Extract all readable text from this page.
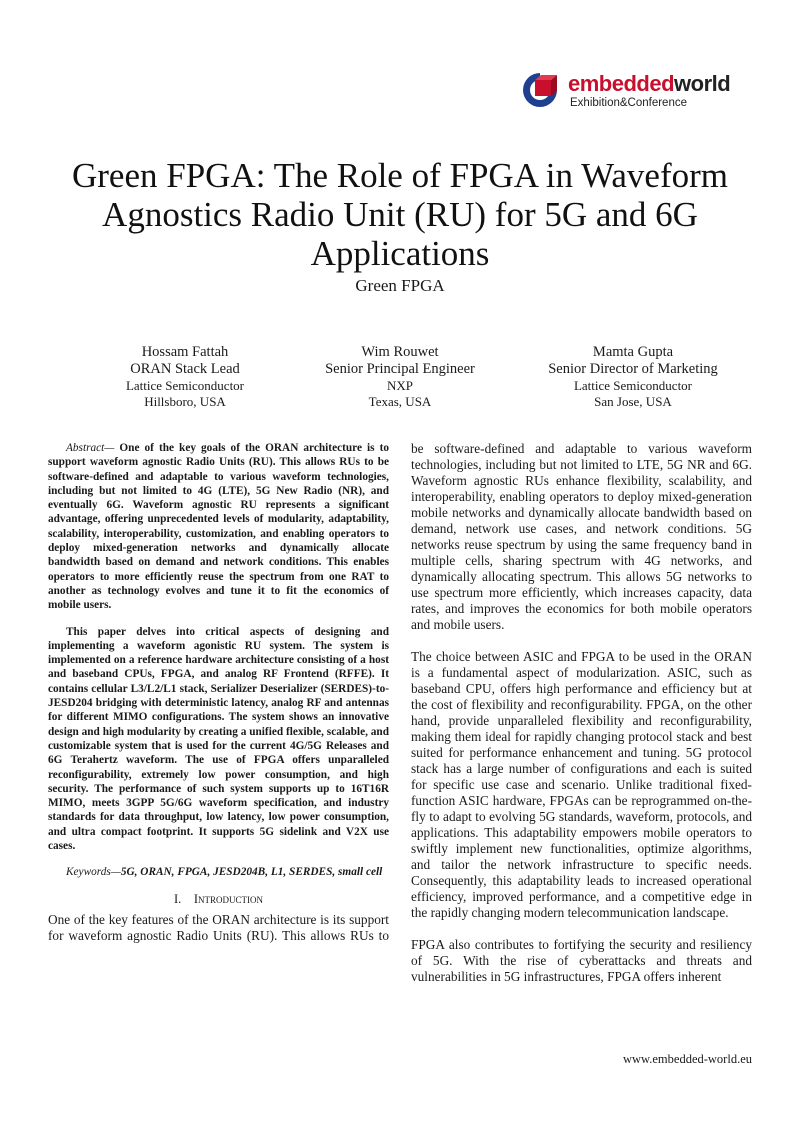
embeddedworld
Exhibition&Conference
Green FPGA: The Role of FPGA in Waveform Agnostics Radio Unit (RU) for 5G and 6G Applications
Green FPGA
Hossam Fattah
ORAN Stack Lead
Lattice Semiconductor
Hillsboro, USA
Wim Rouwet
Senior Principal Engineer
NXP
Texas, USA
Mamta Gupta
Senior Director of Marketing
Lattice Semiconductor
San Jose, USA

Abstract— One of the key goals of the ORAN architecture is to support waveform agnostic Radio Units (RU). This allows RUs to be software-defined and adaptable to various waveform technologies, including but not limited to 4G (LTE), 5G New Radio (NR), and eventually 6G. Waveform agnostic RU represents a significant advantage, offering unprecedented levels of modularity, adaptability, scalability, interoperability, customization, and enabling operators to deploy mixed-generation networks and dynamically allocate bandwidth based on demand and network conditions. This enables operators to more efficiently reuse the spectrum from one RAT to another as technology evolves and tune it to fit the economics of mobile users.

This paper delves into critical aspects of designing and implementing a waveform agonistic RU system. The system is implemented on a reference hardware architecture consisting of a host and baseband CPUs, FPGA, and analog RF Frontend (RFFE). It contains cellular L3/L2/L1 stack, Serializer Deserializer (SERDES)-to-JESD204 bridging with deterministic latency, analog RF and antennas for different MIMO configurations. The system shows an innovative design and high modularity by creating a unified flexible, scalable, and customizable system that is used for the current 4G/5G Releases and 6G Terahertz waveform. The use of FPGA offers unparalleled reconfigurability, extremely low power consumption, and high security. The performance of such system supports up to 16T16R MIMO, meets 3GPP 5G/6G waveform specification, and industry standards for data throughput, low latency, low power consumption, and ultra compact footprint. It supports 5G sidelink and V2X use cases.

Keywords—5G, ORAN, FPGA, JESD204B, L1, SERDES, small cell

I. Introduction

One of the key features of the ORAN architecture is its support for waveform agnostic Radio Units (RU). This allows RUs to

be software-defined and adaptable to various waveform technologies, including but not limited to LTE, 5G NR and 6G. Waveform agnostic RUs enhance flexibility, scalability, and interoperability, enabling operators to deploy mixed-generation mobile networks and dynamically allocate bandwidth based on demand, network use cases, and network conditions. 5G networks reuse spectrum by using the same frequency band in multiple cells, sharing spectrum with 4G networks, and dynamically allocating spectrum. This allows 5G networks to use spectrum more efficiently, which increases capacity, data rates, and improves the economics for both mobile operators and mobile users.

The choice between ASIC and FPGA to be used in the ORAN is a fundamental aspect of modularization. ASIC, such as baseband CPU, offers high performance and efficiency but at the cost of flexibility and reconfigurability. FPGA, on the other hand, provide unparalleled flexibility and reconfigurability, making them ideal for rapidly changing protocol stack and best suited for performance enhancement and tuning. 5G protocol stack has a large number of configurations and each is suited for specific use case and scenario. Unlike traditional fixed-function ASIC hardware, FPGAs can be reprogrammed on-the-fly to adapt to evolving 5G standards, waveform, protocols, and applications. This adaptability empowers mobile operators to swiftly implement new functionalities, optimize algorithms, and tailor the network infrastructure to specific needs. Consequently, this adaptability leads to increased operational efficiency, improved performance, and a competitive edge in the rapidly changing modern telecommunication landscape.

FPGA also contributes to fortifying the security and resiliency of 5G. With the rise of cyberattacks and threats and vulnerabilities in 5G infrastructures, FPGA offers inherent

www.embedded-world.eu
